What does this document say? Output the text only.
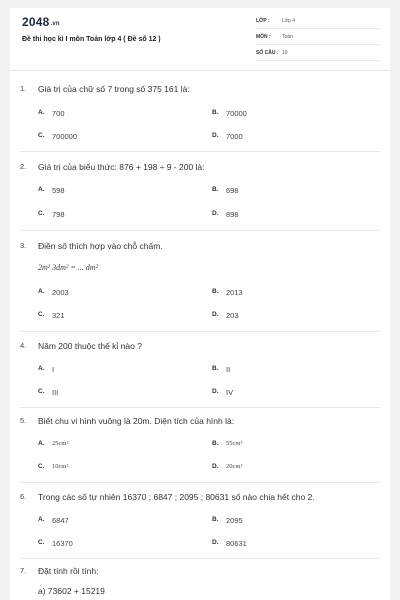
2048.vn
Đề thi học kì I môn Toán lớp 4 ( Đề số 12 )
LỚP : Lớp 4
MÔN : Toán
SỐ CÂU : 10
1. Giá trị của chữ số 7 trong số 375 161 là:
A. 700	B. 70000
C. 700000	D. 7000
2. Giá trị của biểu thức: 876 + 198 ÷ 9 - 200 là:
A. 598	B. 698
C. 798	D. 898
3. Điền số thích hợp vào chỗ chấm.
2m² 3dm² = ... dm²
A. 2003	B. 2013
C. 321	D. 203
4. Năm 200 thuộc thế kỉ nào ?
A. I	B. II
C. III	D. IV
5. Biết chu vi hình vuông là 20m. Diện tích của hình là:
A. 25cm²	B. 55cm²
C. 10cm²	D. 20cm²
6. Trong các số tự nhiên 16370 ; 6847 ; 2095 ; 80631 số nào chia hết cho 2.
A. 6847	B. 2095
C. 16370	D. 80631
7. Đặt tính rồi tính:
a) 73602 + 15219
